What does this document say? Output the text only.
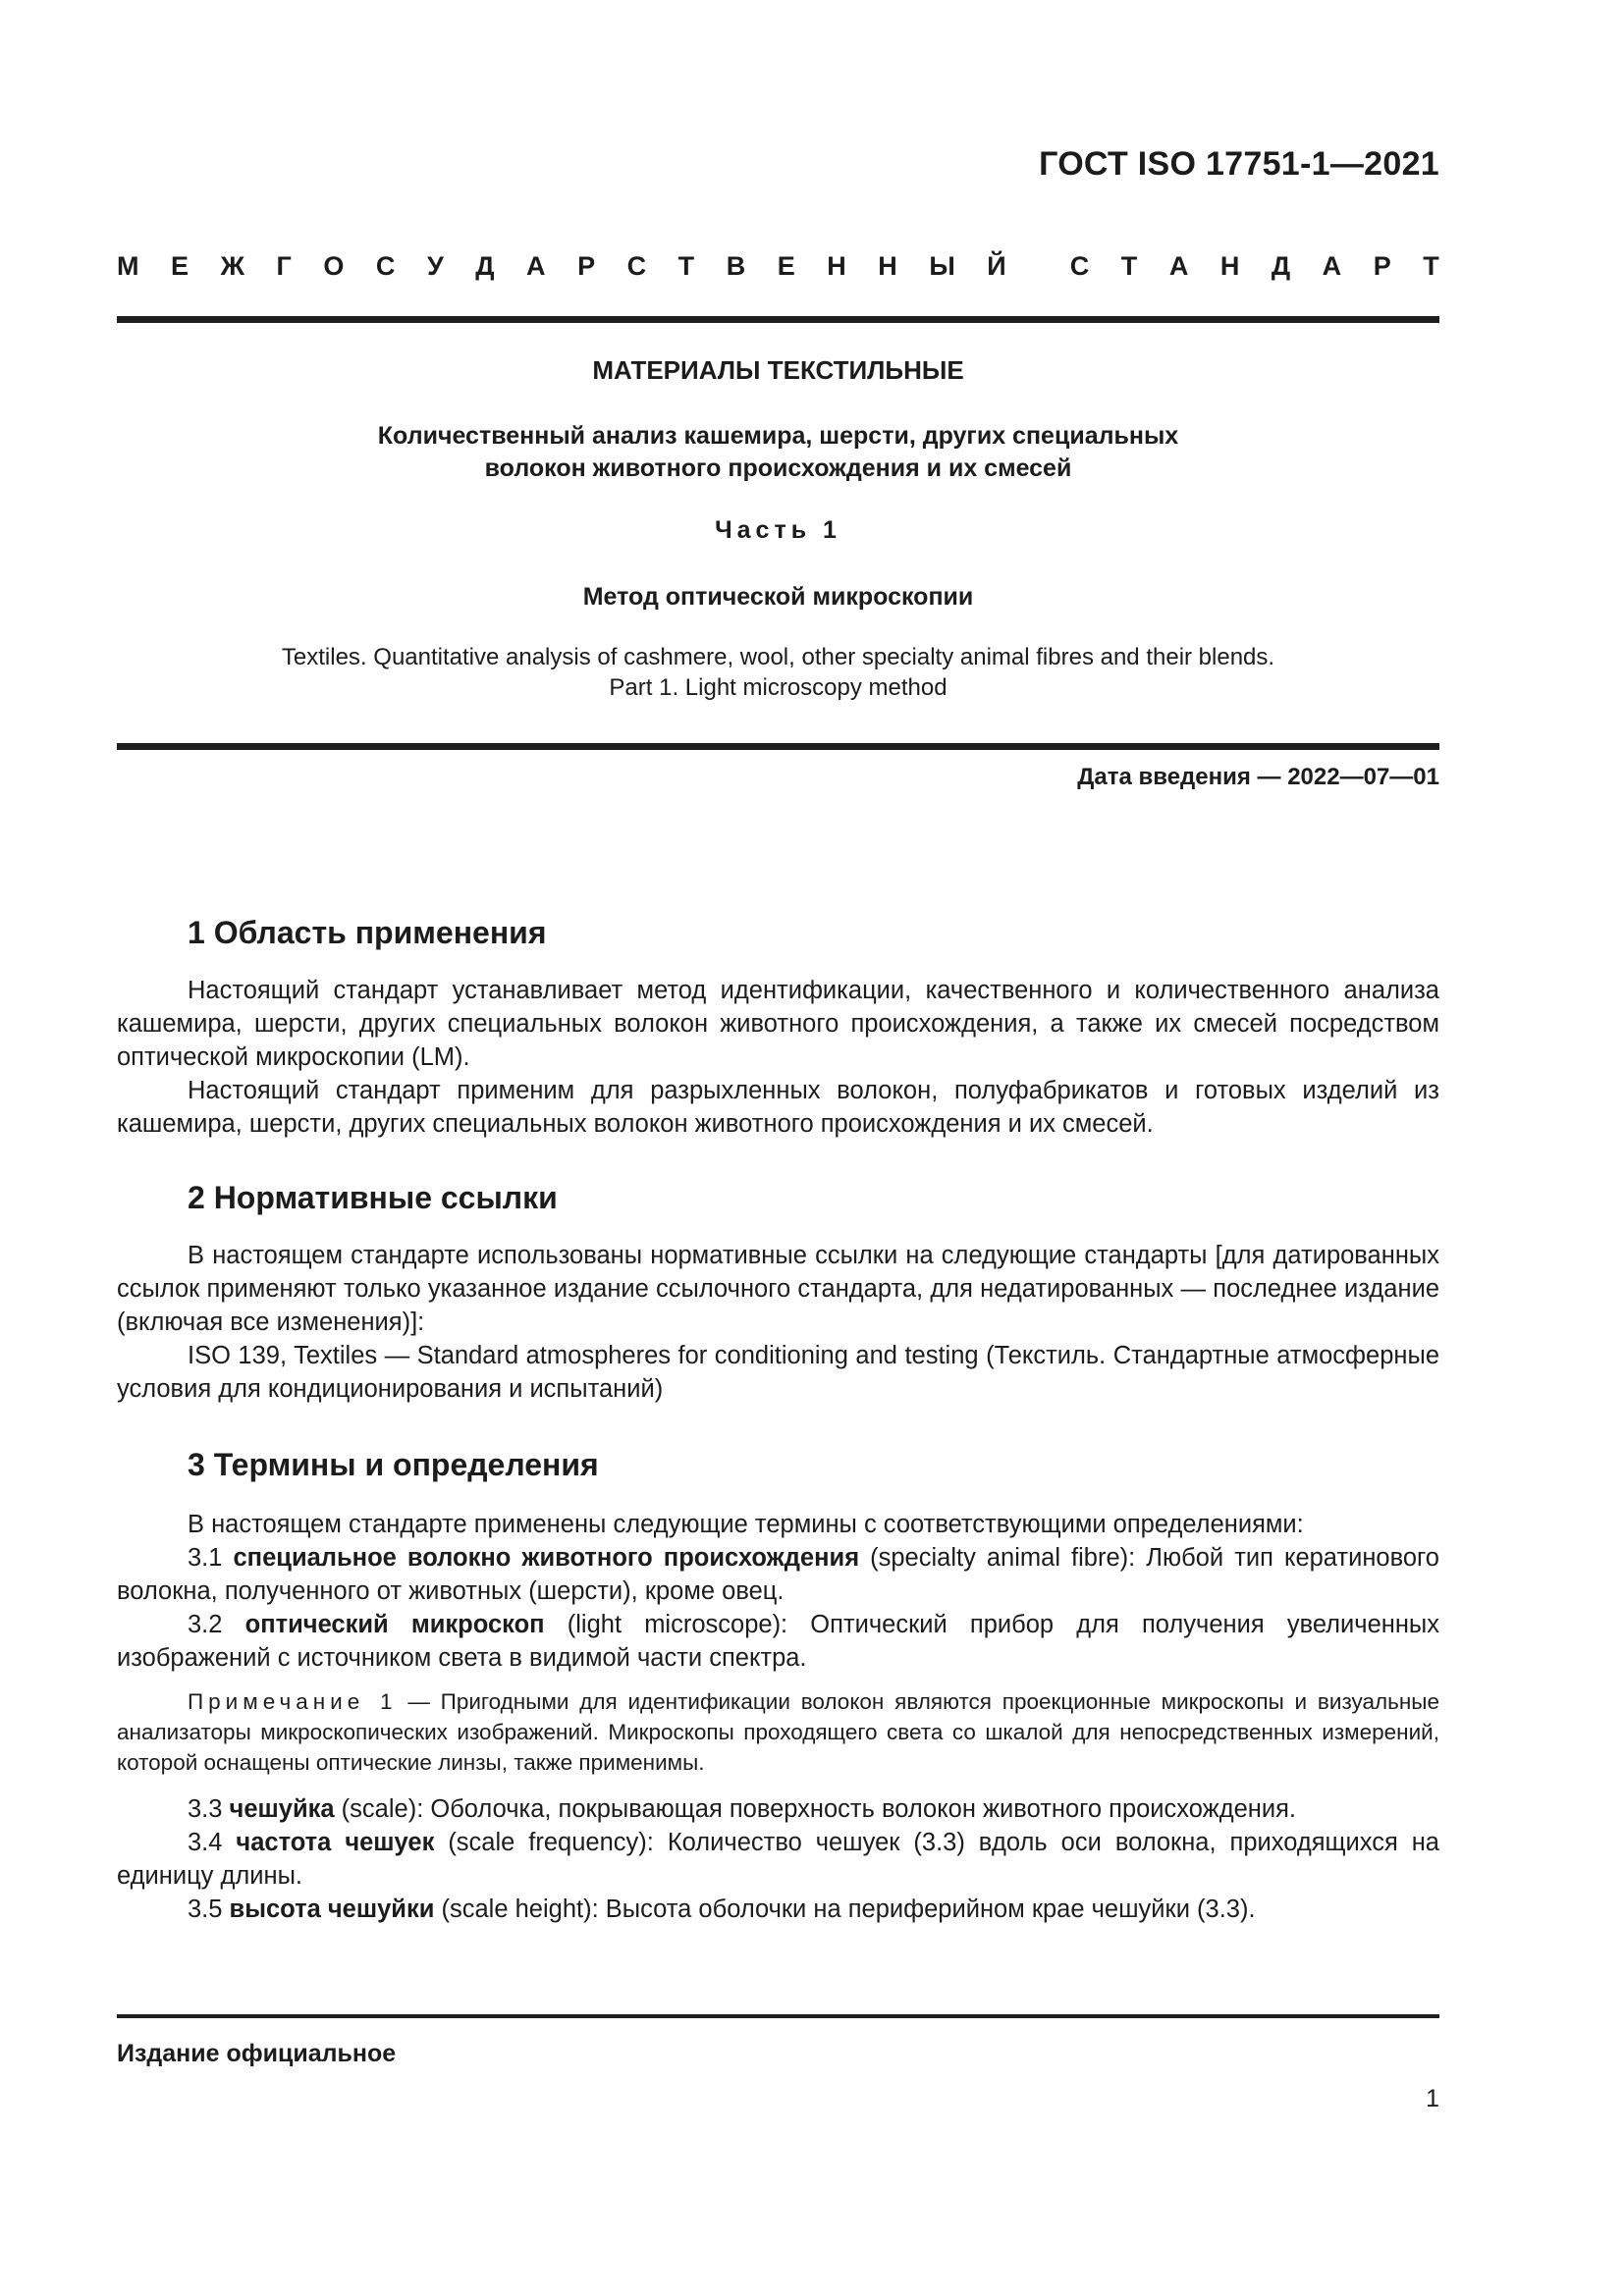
ГОСТ ISO 17751-1—2021
М Е Ж Г О С У Д А Р С Т В Е Н Н Ы Й С Т А Н Д А Р Т
МАТЕРИАЛЫ ТЕКСТИЛЬНЫЕ
Количественный анализ кашемира, шерсти, других специальных
волокон животного происхождения и их смесей
Часть 1
Метод оптической микроскопии
Textiles. Quantitative analysis of cashmere, wool, other specialty animal fibres and their blends.
Part 1. Light microscopy method
Дата введения — 2022—07—01
1 Область применения

Настоящий стандарт устанавливает метод идентификации, качественного и количественного анализа кашемира, шерсти, других специальных волокон животного происхождения, а также их смесей посредством оптической микроскопии (LM).

Настоящий стандарт применим для разрыхленных волокон, полуфабрикатов и готовых изделий из кашемира, шерсти, других специальных волокон животного происхождения и их смесей.

2 Нормативные ссылки

В настоящем стандарте использованы нормативные ссылки на следующие стандарты [для датированных ссылок применяют только указанное издание ссылочного стандарта, для недатированных — последнее издание (включая все изменения)]:

ISO 139, Textiles — Standard atmospheres for conditioning and testing (Текстиль. Стандартные атмосферные условия для кондиционирования и испытаний)

3 Термины и определения

В настоящем стандарте применены следующие термины с соответствующими определениями:

3.1 специальное волокно животного происхождения (specialty animal fibre): Любой тип кератинового волокна, полученного от животных (шерсти), кроме овец.

3.2 оптический микроскоп (light microscope): Оптический прибор для получения увеличенных изображений с источником света в видимой части спектра.

Примечание 1 — Пригодными для идентификации волокон являются проекционные микроскопы и визуальные анализаторы микроскопических изображений. Микроскопы проходящего света со шкалой для непосредственных измерений, которой оснащены оптические линзы, также применимы.

3.3 чешуйка (scale): Оболочка, покрывающая поверхность волокон животного происхождения.

3.4 частота чешуек (scale frequency): Количество чешуек (3.3) вдоль оси волокна, приходящихся на единицу длины.

3.5 высота чешуйки (scale height): Высота оболочки на периферийном крае чешуйки (3.3).

Издание официальное
1
